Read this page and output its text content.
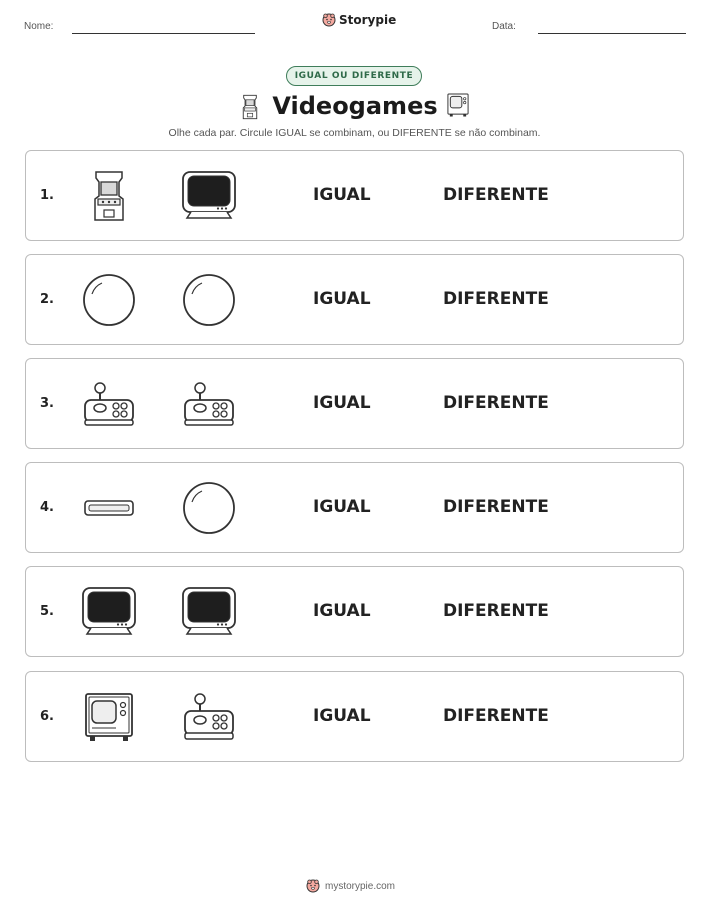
Nome:	Storypie	Data:
IGUAL OU DIFERENTE
Videogames
Olhe cada par. Circule IGUAL se combinam, ou DIFERENTE se não combinam.
1.	IGUAL	DIFERENTE
2.	IGUAL	DIFERENTE
3.	IGUAL	DIFERENTE
4.	IGUAL	DIFERENTE
5.	IGUAL	DIFERENTE
6.	IGUAL	DIFERENTE
mystorypie.com
